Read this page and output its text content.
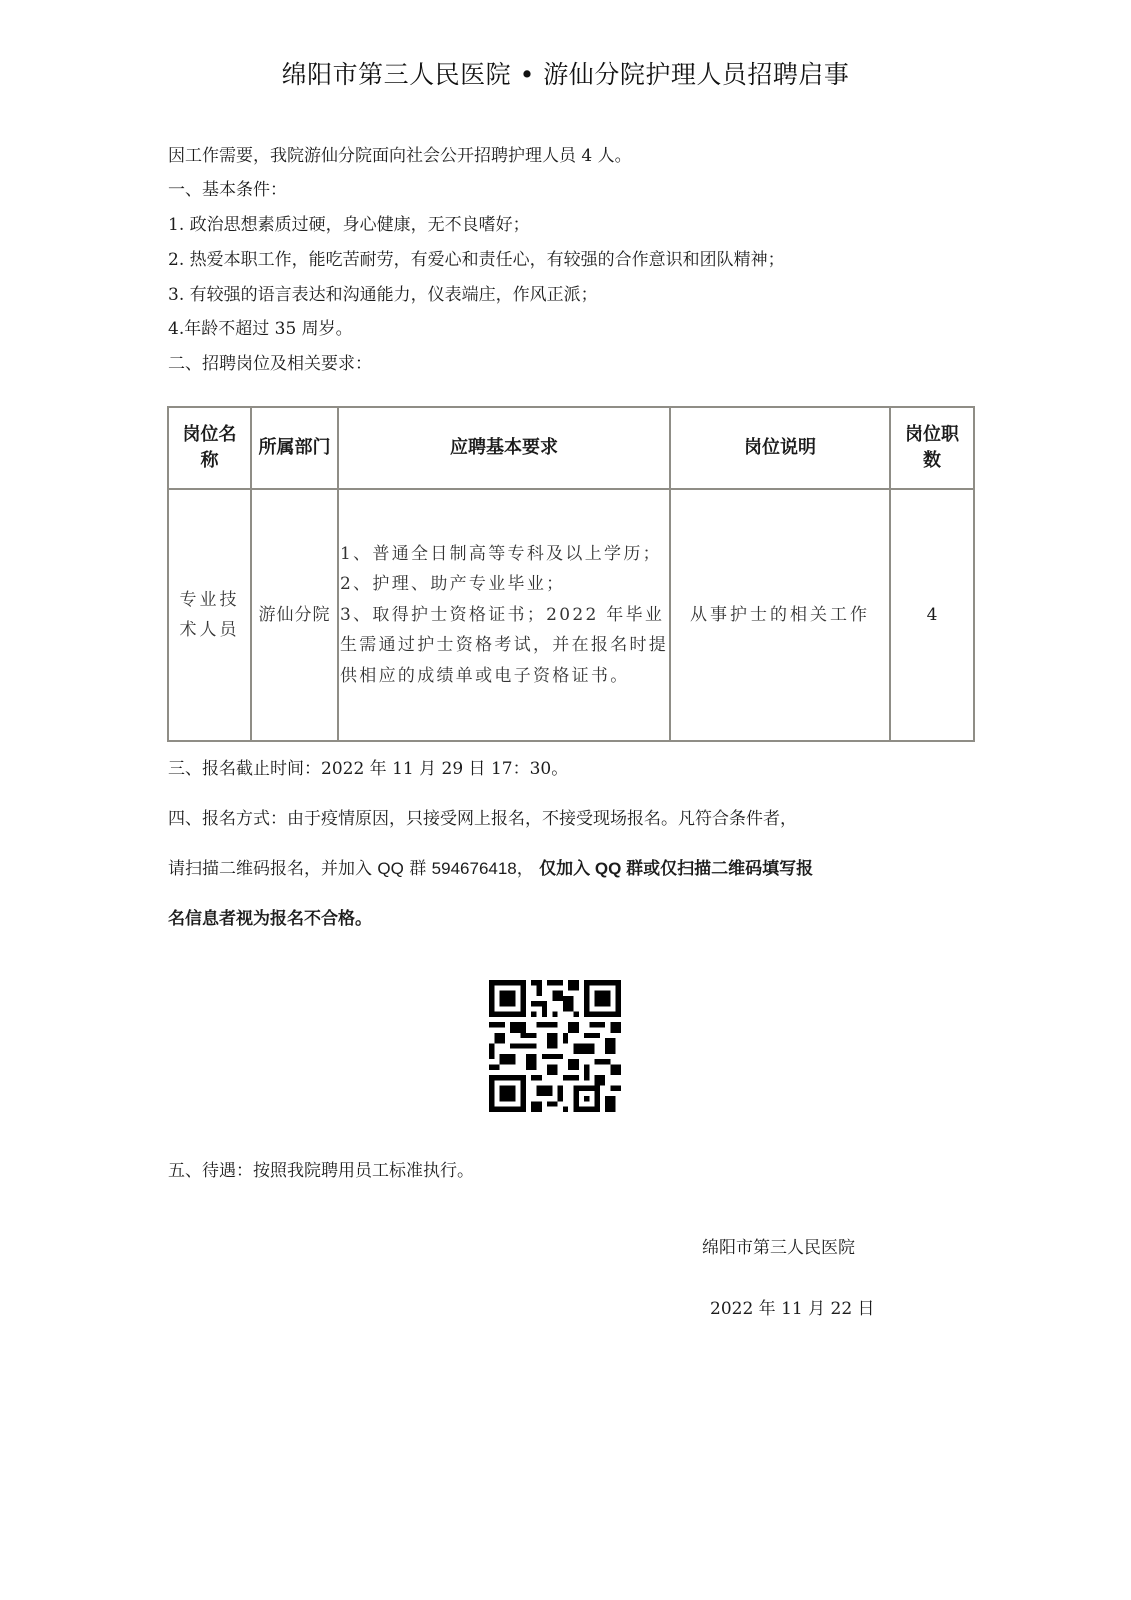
绵阳市第三人民医院 • 游仙分院护理人员招聘启事
因工作需要，我院游仙分院面向社会公开招聘护理人员 4 人。
一、基本条件：
1. 政治思想素质过硬，身心健康，无不良嗜好；
2. 热爱本职工作，能吃苦耐劳，有爱心和责任心，有较强的合作意识和团队精神；
3. 有较强的语言表达和沟通能力，仪表端庄，作风正派；
4.年龄不超过 35 周岁。
二、招聘岗位及相关要求：
岗位名称	所属部门	应聘基本要求	岗位说明	岗位职数
专业技术人员	游仙分院	1、普通全日制高等专科及以上学历；
2、护理、助产专业毕业；
3、取得护士资格证书；2022 年毕业生需通过护士资格考试，并在报名时提供相应的成绩单或电子资格证书。	从事护士的相关工作	4
三、报名截止时间：2022 年 11 月 29 日 17：30。
四、报名方式：由于疫情原因，只接受网上报名，不接受现场报名。凡符合条件者，
请扫描二维码报名，并加入 QQ 群 594676418， 仅加入 QQ 群或仅扫描二维码填写报
名信息者视为报名不合格。
五、待遇：按照我院聘用员工标准执行。
绵阳市第三人民医院
2022 年 11 月 22 日
